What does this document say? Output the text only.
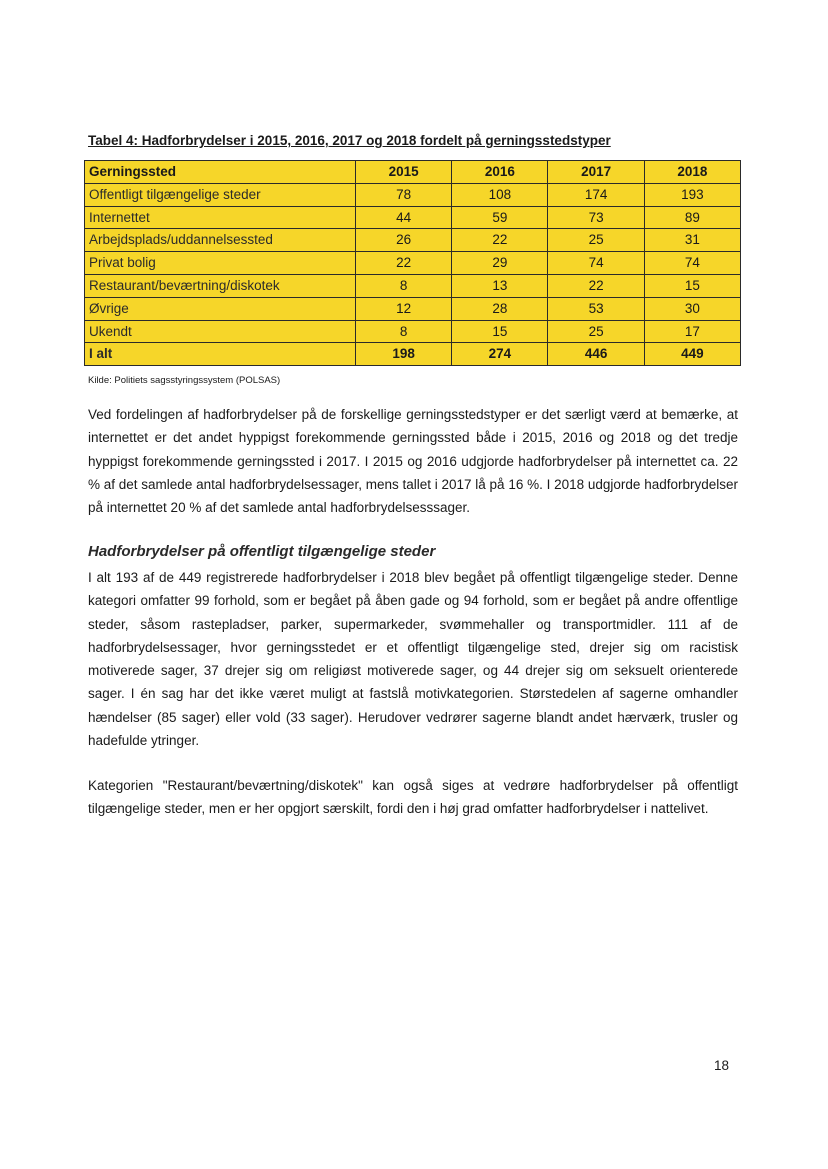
Tabel 4: Hadforbrydelser i 2015, 2016, 2017 og 2018 fordelt på gerningsstedstyper
Gerningssted	2015	2016	2017	2018
Offentligt tilgængelige steder	78	108	174	193
Internettet	44	59	73	89
Arbejdsplads/uddannelsessted	26	22	25	31
Privat bolig	22	29	74	74
Restaurant/beværtning/diskotek	8	13	22	15
Øvrige	12	28	53	30
Ukendt	8	15	25	17
I alt	198	274	446	449
Kilde: Politiets sagsstyringssystem (POLSAS)

Ved fordelingen af hadforbrydelser på de forskellige gerningsstedstyper er det særligt værd at bemærke, at internettet er det andet hyppigst forekommende gerningssted både i 2015, 2016 og 2018 og det tredje hyppigst forekommende gerningssted i 2017. I 2015 og 2016 udgjorde hadforbrydelser på internettet ca. 22 % af det samlede antal hadforbrydelsessager, mens tallet i 2017 lå på 16 %. I 2018 udgjorde hadforbrydelser på internettet 20 % af det samlede antal hadforbrydelsesssager.

Hadforbrydelser på offentligt tilgængelige steder

I alt 193 af de 449 registrerede hadforbrydelser i 2018 blev begået på offentligt tilgængelige steder. Denne kategori omfatter 99 forhold, som er begået på åben gade og 94 forhold, som er begået på andre offentlige steder, såsom rastepladser, parker, supermarkeder, svømmehaller og transportmidler. 111 af de hadforbrydelsessager, hvor gerningsstedet er et offentligt tilgængelige sted, drejer sig om racistisk motiverede sager, 37 drejer sig om religiøst motiverede sager, og 44 drejer sig om seksuelt orienterede sager. I én sag har det ikke været muligt at fastslå motivkategorien. Størstedelen af sagerne omhandler hændelser (85 sager) eller vold (33 sager). Herudover vedrører sagerne blandt andet hærværk, trusler og hadefulde ytringer.

Kategorien "Restaurant/beværtning/diskotek" kan også siges at vedrøre hadforbrydelser på offentligt tilgængelige steder, men er her opgjort særskilt, fordi den i høj grad omfatter hadforbrydelser i nattelivet.

18
